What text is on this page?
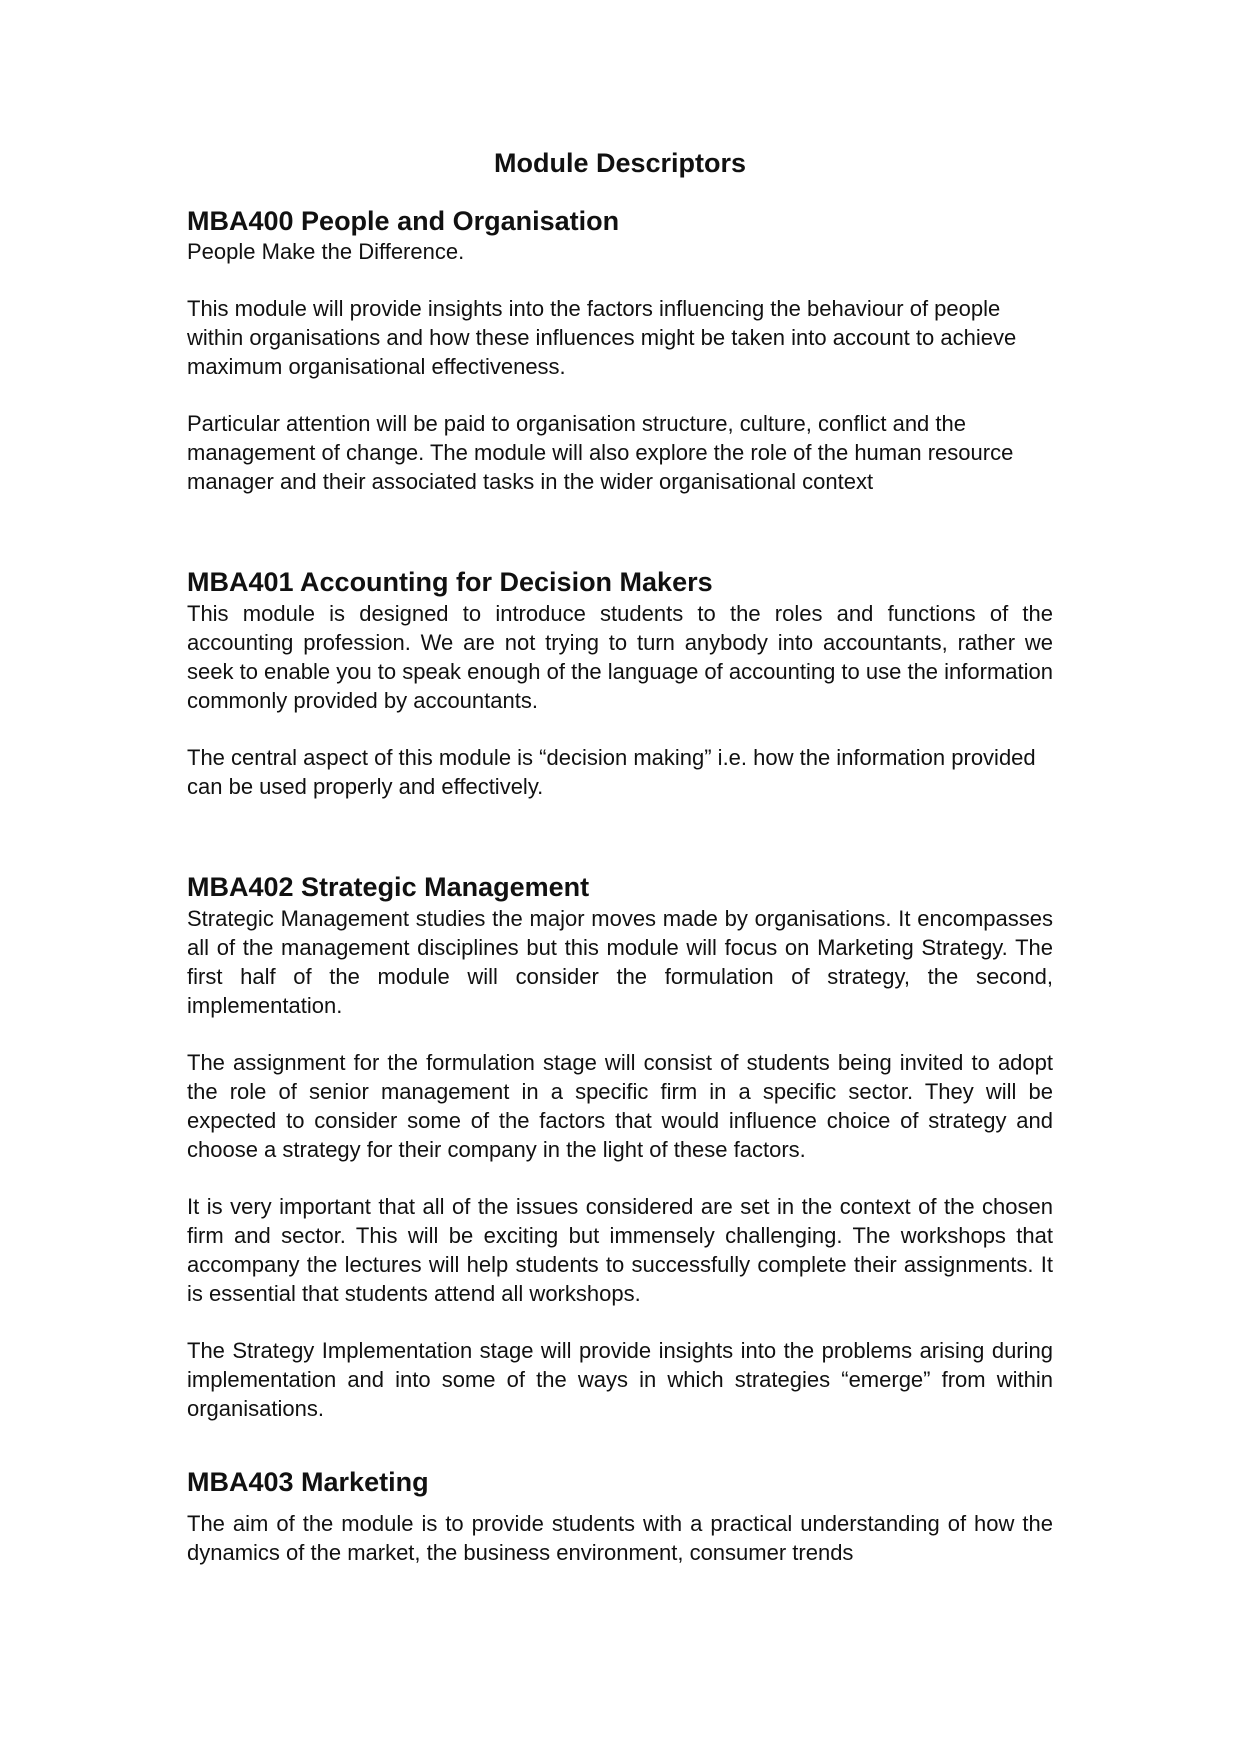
Module Descriptors
MBA400 People and Organisation

People Make the Difference.

This module will provide insights into the factors influencing the behaviour of people within organisations and how these influences might be taken into account to achieve maximum organisational effectiveness.

Particular attention will be paid to organisation structure, culture, conflict and the management of change. The module will also explore the role of the human resource manager and their associated tasks in the wider organisational context

MBA401 Accounting for Decision Makers

This module is designed to introduce students to the roles and functions of the accounting profession. We are not trying to turn anybody into accountants, rather we seek to enable you to speak enough of the language of accounting to use the information commonly provided by accountants.

The central aspect of this module is “decision making” i.e. how the information provided can be used properly and effectively.

MBA402 Strategic Management

Strategic Management studies the major moves made by organisations. It encompasses all of the management disciplines but this module will focus on Marketing Strategy. The first half of the module will consider the formulation of strategy, the second, implementation.

The assignment for the formulation stage will consist of students being invited to adopt the role of senior management in a specific firm in a specific sector. They will be expected to consider some of the factors that would influence choice of strategy and choose a strategy for their company in the light of these factors.

It is very important that all of the issues considered are set in the context of the chosen firm and sector. This will be exciting but immensely challenging. The workshops that accompany the lectures will help students to successfully complete their assignments. It is essential that students attend all workshops.

The Strategy Implementation stage will provide insights into the problems arising during implementation and into some of the ways in which strategies “emerge” from within organisations.

MBA403 Marketing

The aim of the module is to provide students with a practical understanding of how the dynamics of the market, the business environment, consumer trends
